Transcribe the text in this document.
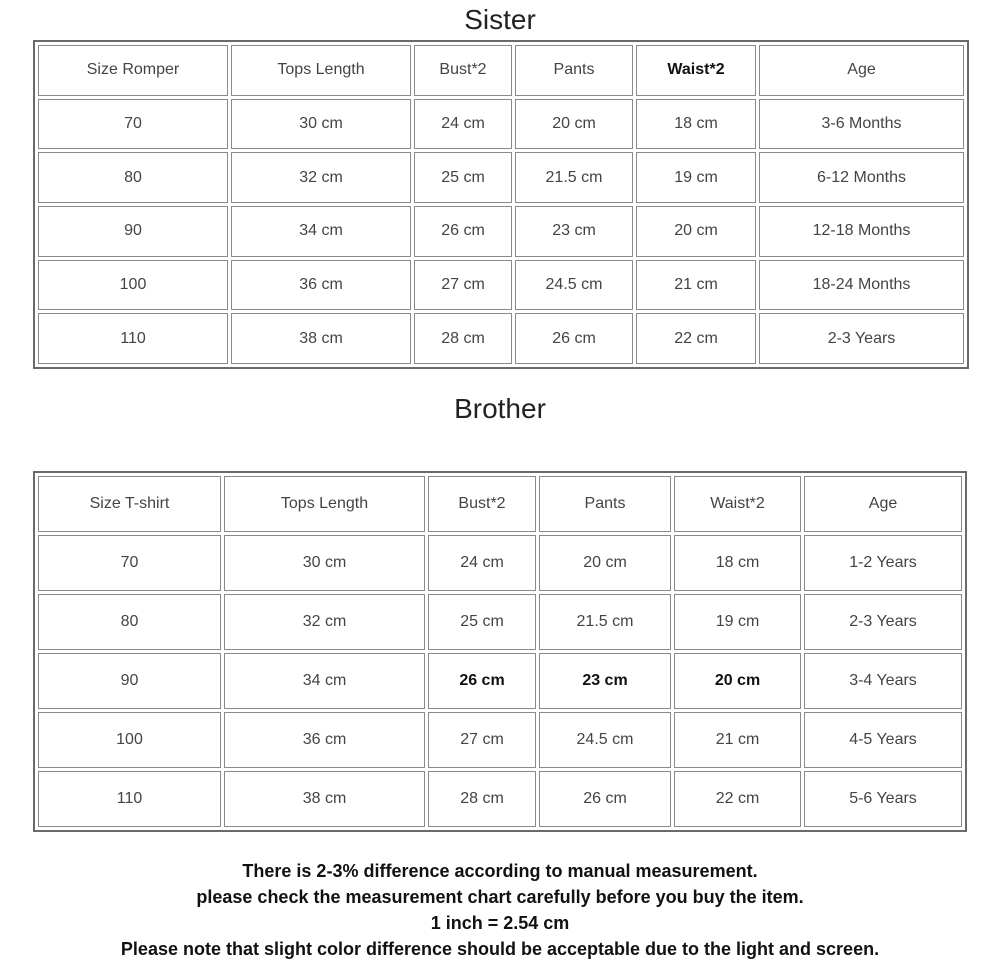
Sister
Size Romper	Tops Length	Bust*2	Pants	Waist*2	Age
70	30 cm	24 cm	20 cm	18 cm	3-6 Months
80	32 cm	25 cm	21.5 cm	19 cm	6-12 Months
90	34 cm	26 cm	23 cm	20 cm	12-18 Months
100	36 cm	27 cm	24.5 cm	21 cm	18-24 Months
110	38 cm	28 cm	26 cm	22 cm	2-3 Years
Brother
Size T-shirt	Tops Length	Bust*2	Pants	Waist*2	Age
70	30 cm	24 cm	20 cm	18 cm	1-2 Years
80	32 cm	25 cm	21.5 cm	19 cm	2-3 Years
90	34 cm	26 cm	23 cm	20 cm	3-4 Years
100	36 cm	27 cm	24.5 cm	21 cm	4-5 Years
110	38 cm	28 cm	26 cm	22 cm	5-6 Years
There is 2-3% difference according to manual measurement.
please check the measurement chart carefully before you buy the item.
1 inch = 2.54 cm
Please note that slight color difference should be acceptable due to the light and screen.
